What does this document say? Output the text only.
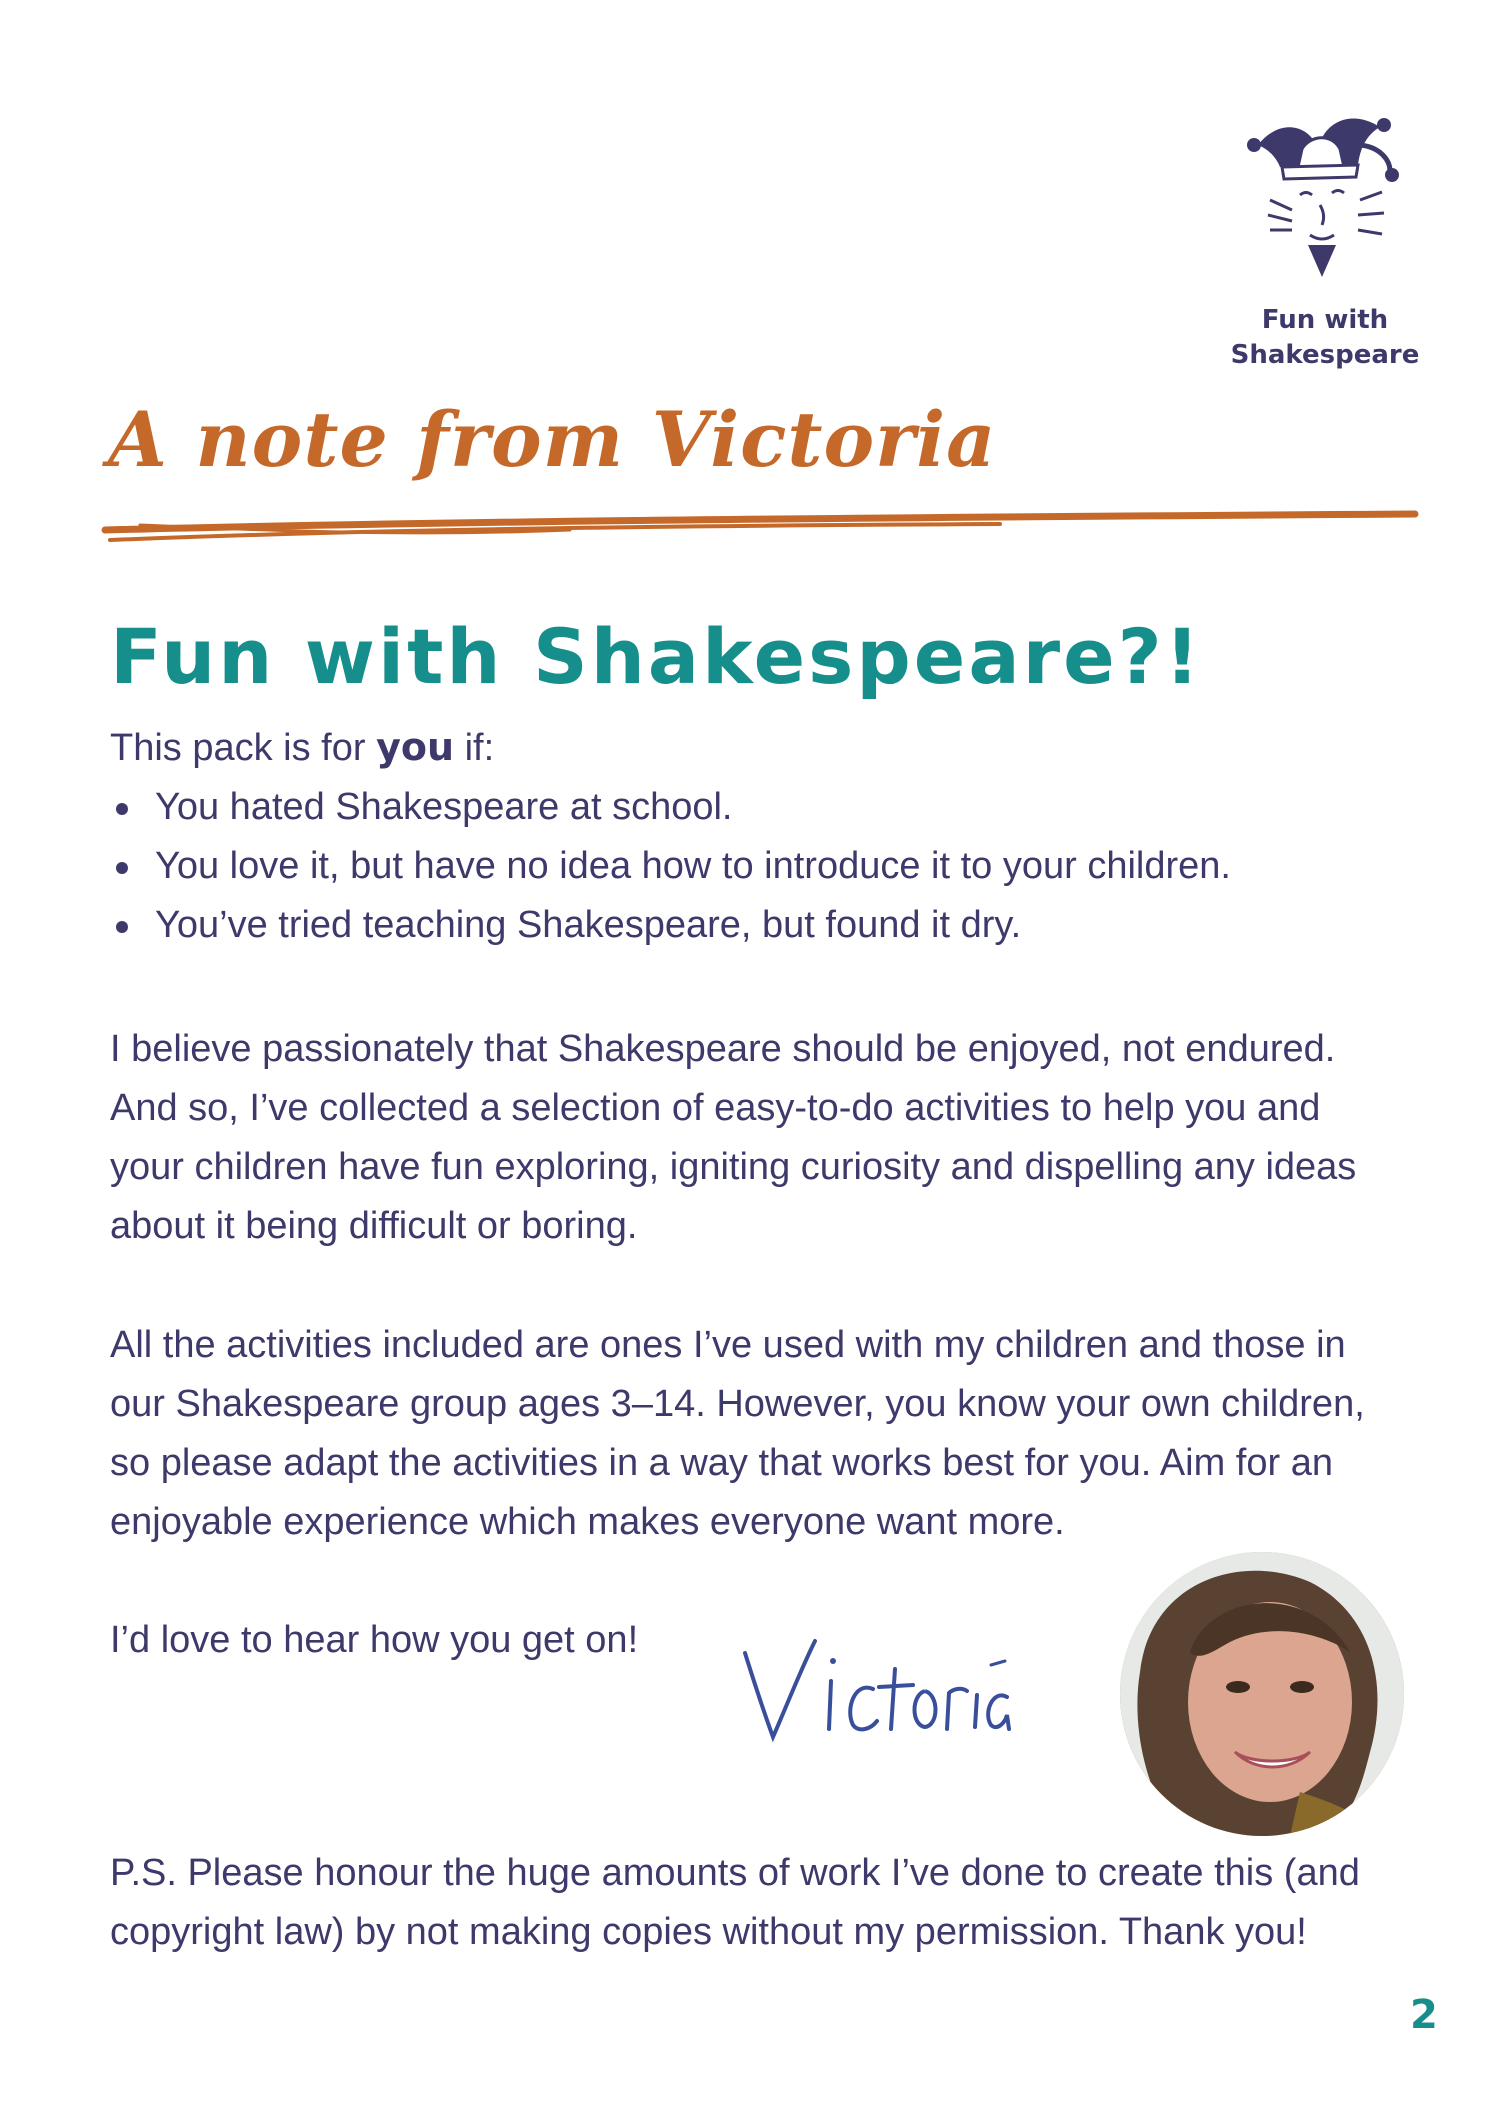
Fun with
Shakespeare
A note from Victoria
Fun with Shakespeare?!

This pack is for you if:

You hated Shakespeare at school.
You love it, but have no idea how to introduce it to your children.
You’ve tried teaching Shakespeare, but found it dry.
I believe passionately that Shakespeare should be enjoyed, not endured. And so, I’ve collected a selection of easy-to-do activities to help you and your children have fun exploring, igniting curiosity and dispelling any ideas about it being difficult or boring.
All the activities included are ones I’ve used with my children and those in our Shakespeare group ages 3–14. However, you know your own children, so please adapt the activities in a way that works best for you. Aim for an enjoyable experience which makes everyone want more.
I’d love to hear how you get on!
P.S. Please honour the huge amounts of work I’ve done to create this (and copyright law) by not making copies without my permission. Thank you!
2
